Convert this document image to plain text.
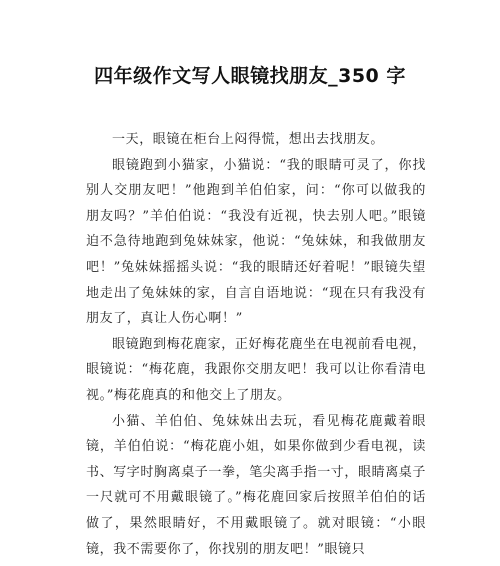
四年级作文写人眼镜找朋友_350 字

一天，眼镜在柜台上闷得慌，想出去找朋友。

眼镜跑到小猫家，小猫说：“我的眼睛可灵了，你找别人交朋友吧！”他跑到羊伯伯家，问：“你可以做我的朋友吗？”羊伯伯说：“我没有近视，快去别人吧。”眼镜迫不急待地跑到兔妹妹家，他说：“兔妹妹，和我做朋友吧！”兔妹妹摇摇头说：“我的眼睛还好着呢！”眼镜失望地走出了兔妹妹的家，自言自语地说：“现在只有我没有朋友了，真让人伤心啊！”

眼镜跑到梅花鹿家，正好梅花鹿坐在电视前看电视，眼镜说：“梅花鹿，我跟你交朋友吧！我可以让你看清电视。”梅花鹿真的和他交上了朋友。

小猫、羊伯伯、兔妹妹出去玩，看见梅花鹿戴着眼镜，羊伯伯说：“梅花鹿小姐，如果你做到少看电视，读书、写字时胸离桌子一拳，笔尖离手指一寸，眼睛离桌子一尺就可不用戴眼镜了。”梅花鹿回家后按照羊伯伯的话做了，果然眼睛好，不用戴眼镜了。就对眼镜：“小眼镜，我不需要你了，你找别的朋友吧！”眼镜只
